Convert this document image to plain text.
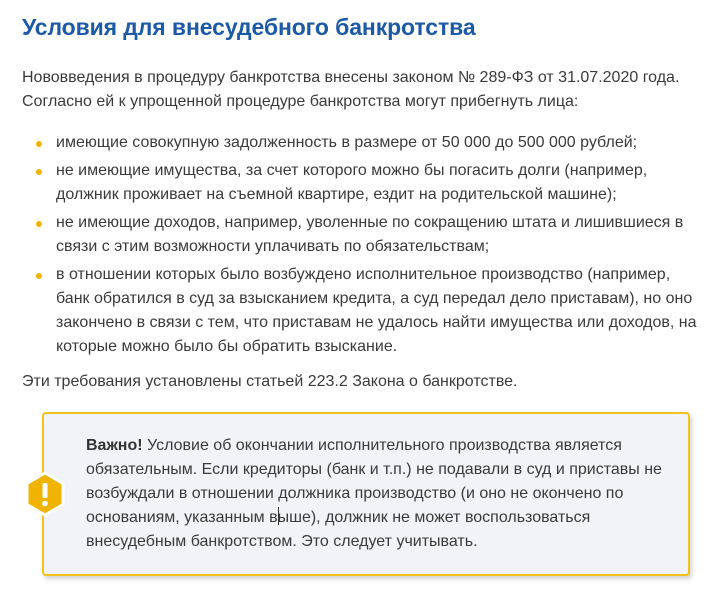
Условия для внесудебного банкротства

Нововведения в процедуру банкротства внесены законом № 289-ФЗ от 31.07.2020 года. Согласно ей к упрощенной процедуре банкротства могут прибегнуть лица:

имеющие совокупную задолженность в размере от 50 000 до 500 000 рублей;
не имеющие имущества, за счет которого можно бы погасить долги (например, должник проживает на съемной квартире, ездит на родительской машине);
не имеющие доходов, например, уволенные по сокращению штата и лишившиеся в связи с этим возможности уплачивать по обязательствам;
в отношении которых было возбуждено исполнительное производство (например, банк обратился в суд за взысканием кредита, а суд передал дело приставам), но оно закончено в связи с тем, что приставам не удалось найти имущества или доходов, на которые можно было бы обратить взыскание.

Эти требования установлены статьей 223.2 Закона о банкротстве.

Важно! Условие об окончании исполнительного производства является обязательным. Если кредиторы (банк и т.п.) не подавали в суд и приставы не возбуждали в отношении должника производство (и оно не окончено по основаниям, указанным выше), должник не может воспользоваться внесудебным банкротством. Это следует учитывать.
